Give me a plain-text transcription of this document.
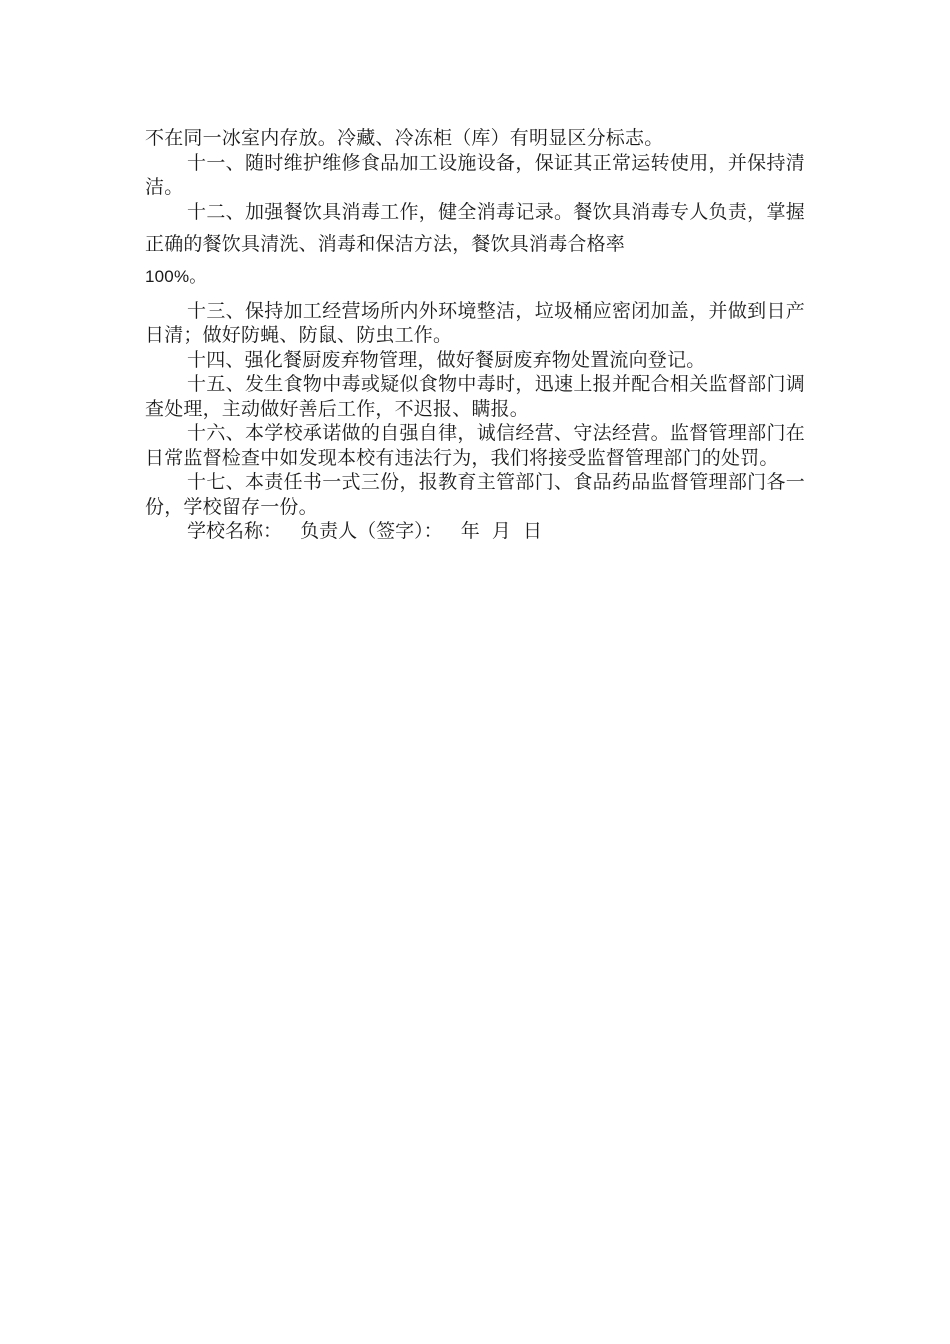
不在同一冰室内存放。冷藏、冷冻柜（库）有明显区分标志。

十一、随时维护维修食品加工设施设备，保证其正常运转使用，并保持清洁。

十二、加强餐饮具消毒工作，健全消毒记录。餐饮具消毒专人负责，掌握正确的餐饮具清洗、消毒和保洁方法，餐饮具消毒合格率
100%。

十三、保持加工经营场所内外环境整洁，垃圾桶应密闭加盖，并做到日产日清；做好防蝇、防鼠、防虫工作。

十四、强化餐厨废弃物管理，做好餐厨废弃物处置流向登记。

十五、发生食物中毒或疑似食物中毒时，迅速上报并配合相关监督部门调查处理，主动做好善后工作，不迟报、瞒报。

十六、本学校承诺做的自强自律，诚信经营、守法经营。监督管理部门在日常监督检查中如发现本校有违法行为，我们将接受监督管理部门的处罚。

十七、本责任书一式三份，报教育主管部门、食品药品监督管理部门各一份，学校留存一份。

学校名称： 负责人（签字）： 年 月 日
